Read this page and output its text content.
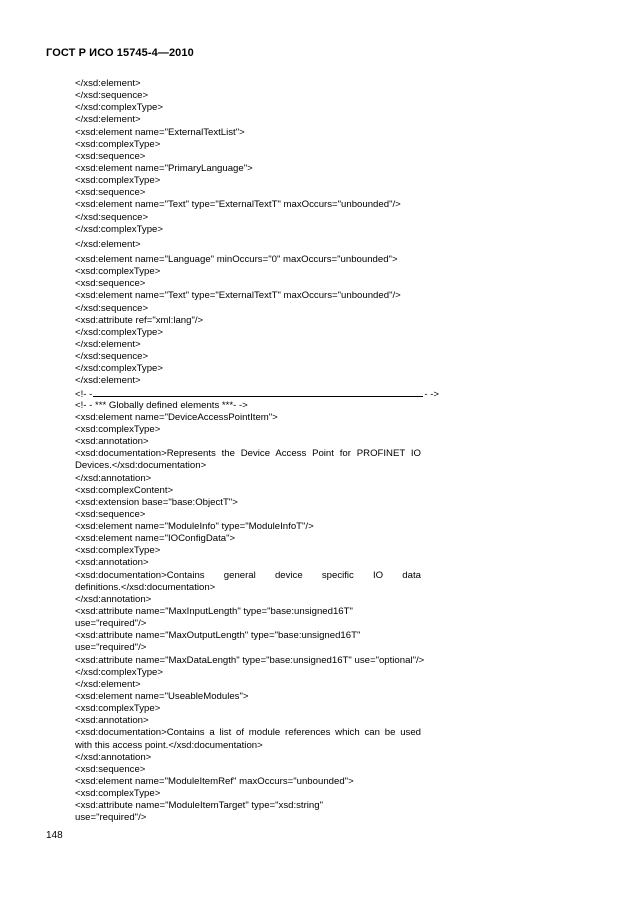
ГОСТ Р ИСО 15745-4—2010
</xsd:element>
</xsd:sequence>
</xsd:complexType>
</xsd:element>
<xsd:element name="ExternalTextList">
<xsd:complexType>
<xsd:sequence>
<xsd:element name="PrimaryLanguage">
<xsd:complexType>
<xsd:sequence>
<xsd:element name="Text" type="ExternalTextT" maxOccurs="unbounded"/>
</xsd:sequence>
</xsd:complexType>
</xsd:element>
<xsd:element name="Language" minOccurs="0" maxOccurs="unbounded">
<xsd:complexType>
<xsd:sequence>
<xsd:element name="Text" type="ExternalTextT" maxOccurs="unbounded"/>
</xsd:sequence>
<xsd:attribute ref="xml:lang"/>
</xsd:complexType>
</xsd:element>
</xsd:sequence>
</xsd:complexType>
</xsd:element>
<!- -	- ->
<!- - *** Globally defined elements ***- ->
<xsd:element name="DeviceAccessPointItem">
<xsd:complexType>
<xsd:annotation>
<xsd:documentation>Represents the Device Access Point for PROFINET IO
Devices.</xsd:documentation>
</xsd:annotation>
<xsd:complexContent>
<xsd:extension base="base:ObjectT">
<xsd:sequence>
<xsd:element name="ModuleInfo" type="ModuleInfoT"/>
<xsd:element name="IOConfigData">
<xsd:complexType>
<xsd:annotation>
<xsd:documentation>Contains general device specific IO data
definitions.</xsd:documentation>
</xsd:annotation>
<xsd:attribute name="MaxInputLength" type="base:unsigned16T"
use="required"/>
<xsd:attribute name="MaxOutputLength" type="base:unsigned16T"
use="required"/>
<xsd:attribute name="MaxDataLength" type="base:unsigned16T" use="optional"/>
</xsd:complexType>
</xsd:element>
<xsd:element name="UseableModules">
<xsd:complexType>
<xsd:annotation>
<xsd:documentation>Contains a list of module references which can be used
with this access point.</xsd:documentation>
</xsd:annotation>
<xsd:sequence>
<xsd:element name="ModuleItemRef" maxOccurs="unbounded">
<xsd:complexType>
<xsd:attribute name="ModuleItemTarget" type="xsd:string"
use="required"/>
148
